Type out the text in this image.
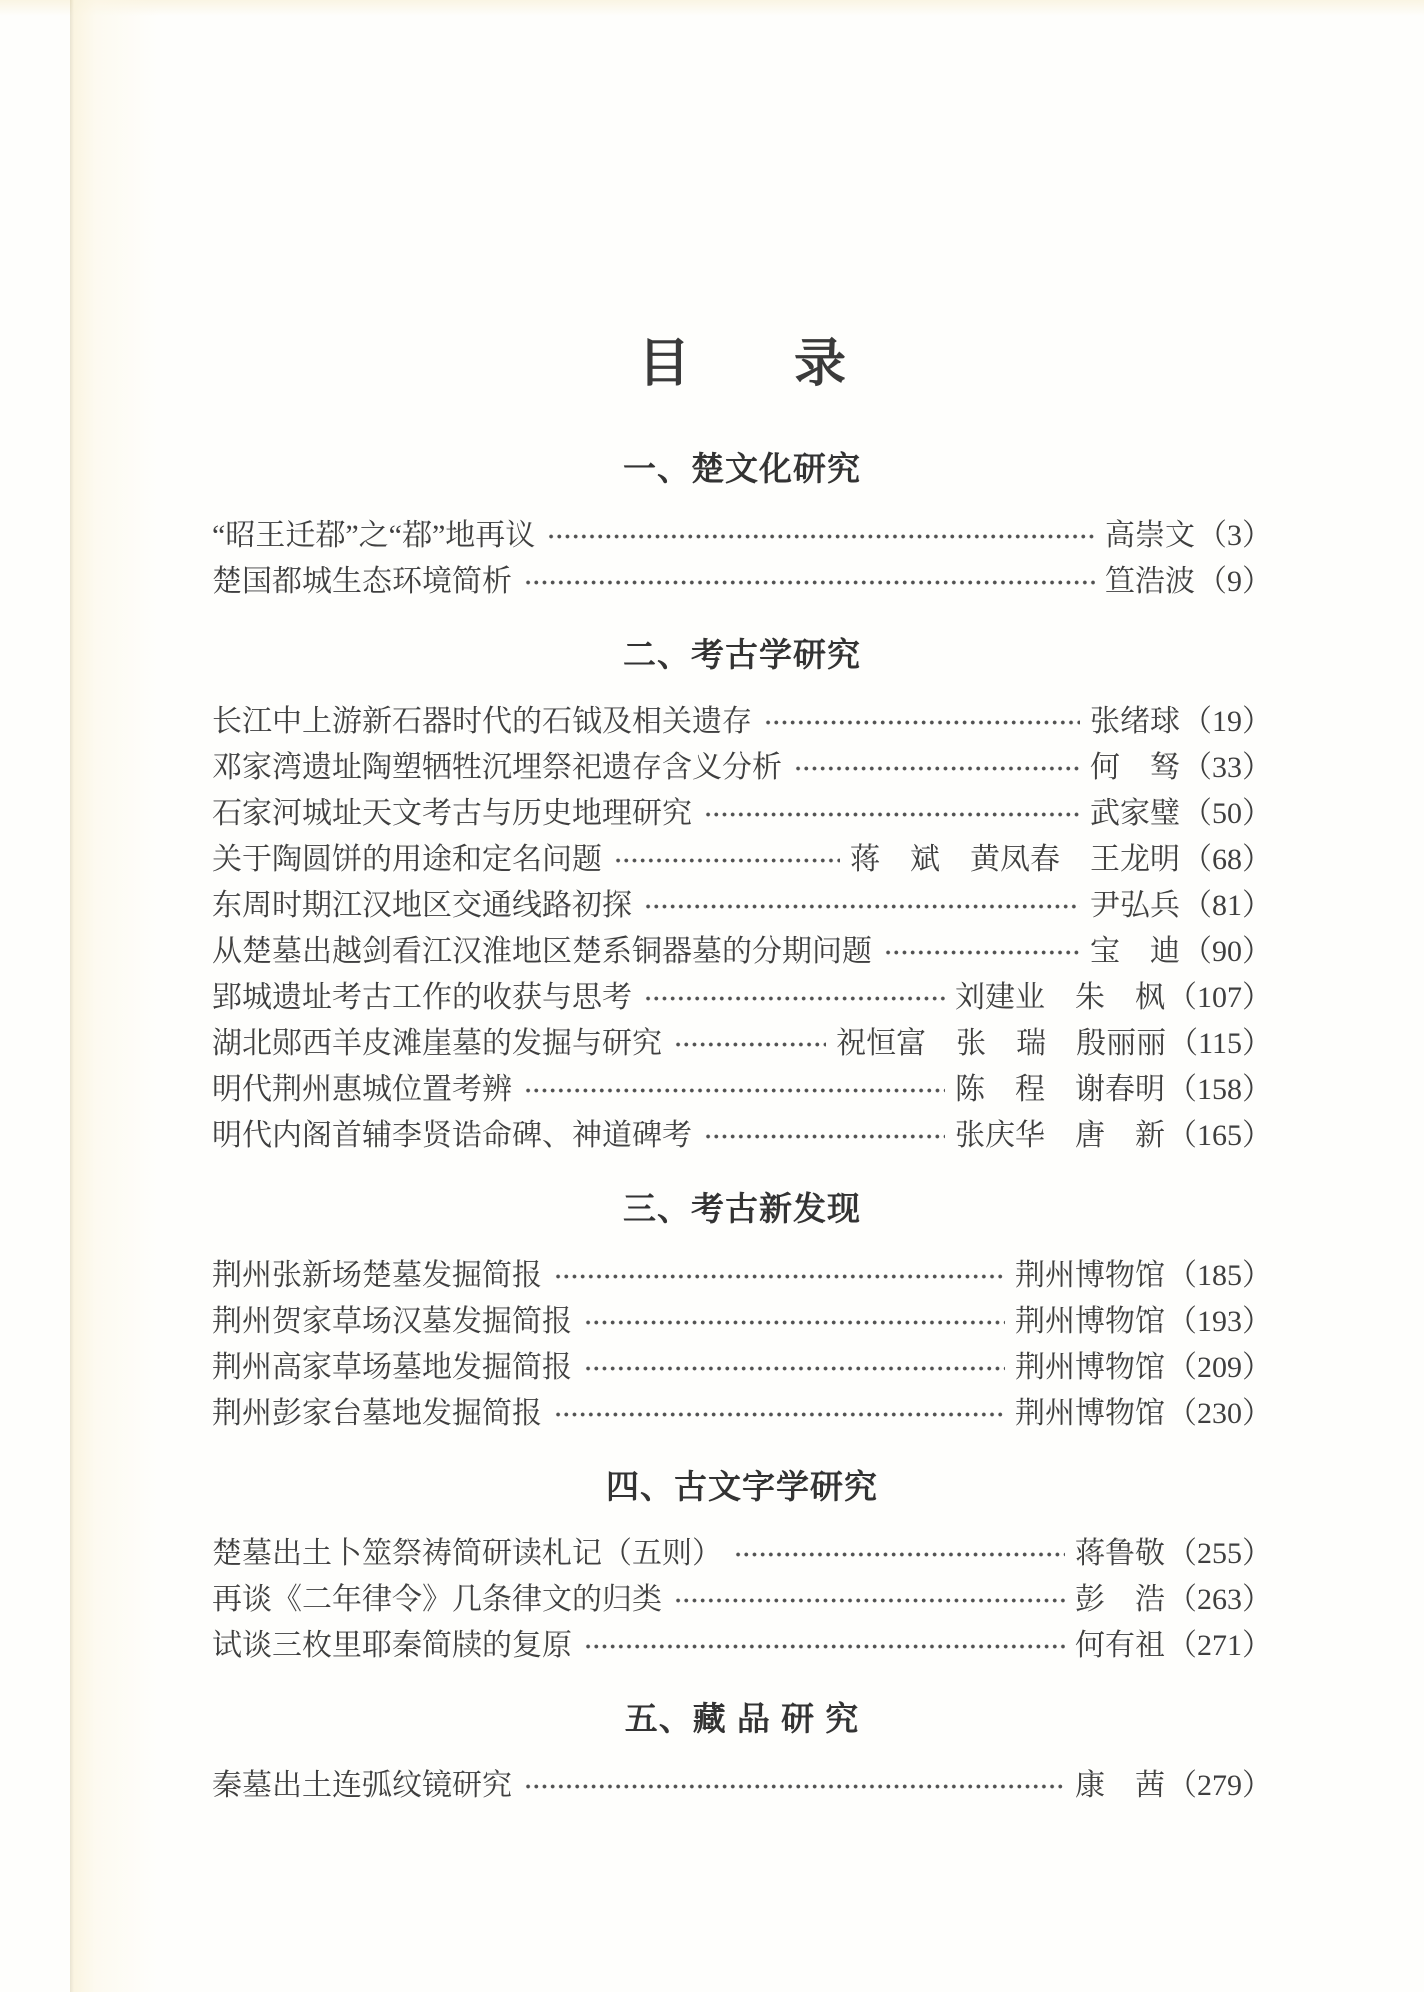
目　　录
一、楚文化研究
“昭王迁鄀”之“鄀”地再议	高崇文 （3）
楚国都城生态环境简析	笪浩波 （9）
二、考古学研究
长江中上游新石器时代的石钺及相关遗存	张绪球 （19）
邓家湾遗址陶塑牺牲沉埋祭祀遗存含义分析	何　驽 （33）
石家河城址天文考古与历史地理研究	武家璧 （50）
关于陶圆饼的用途和定名问题	蒋　斌　黄凤春　王龙明 （68）
东周时期江汉地区交通线路初探	尹弘兵 （81）
从楚墓出越剑看江汉淮地区楚系铜器墓的分期问题	宝　迪 （90）
郢城遗址考古工作的收获与思考	刘建业　朱　枫 （107）
湖北郧西羊皮滩崖墓的发掘与研究	祝恒富　张　瑞　殷丽丽 （115）
明代荆州惠城位置考辨	陈　程　谢春明 （158）
明代内阁首辅李贤诰命碑、神道碑考	张庆华　唐　新 （165）
三、考古新发现
荆州张新场楚墓发掘简报	荆州博物馆 （185）
荆州贺家草场汉墓发掘简报	荆州博物馆 （193）
荆州高家草场墓地发掘简报	荆州博物馆 （209）
荆州彭家台墓地发掘简报	荆州博物馆 （230）
四、古文字学研究
楚墓出土卜筮祭祷简研读札记（五则）	蒋鲁敬 （255）
再谈《二年律令》几条律文的归类	彭　浩 （263）
试谈三枚里耶秦简牍的复原	何有祖 （271）
五、藏 品 研 究
秦墓出土连弧纹镜研究	康　茜 （279）
